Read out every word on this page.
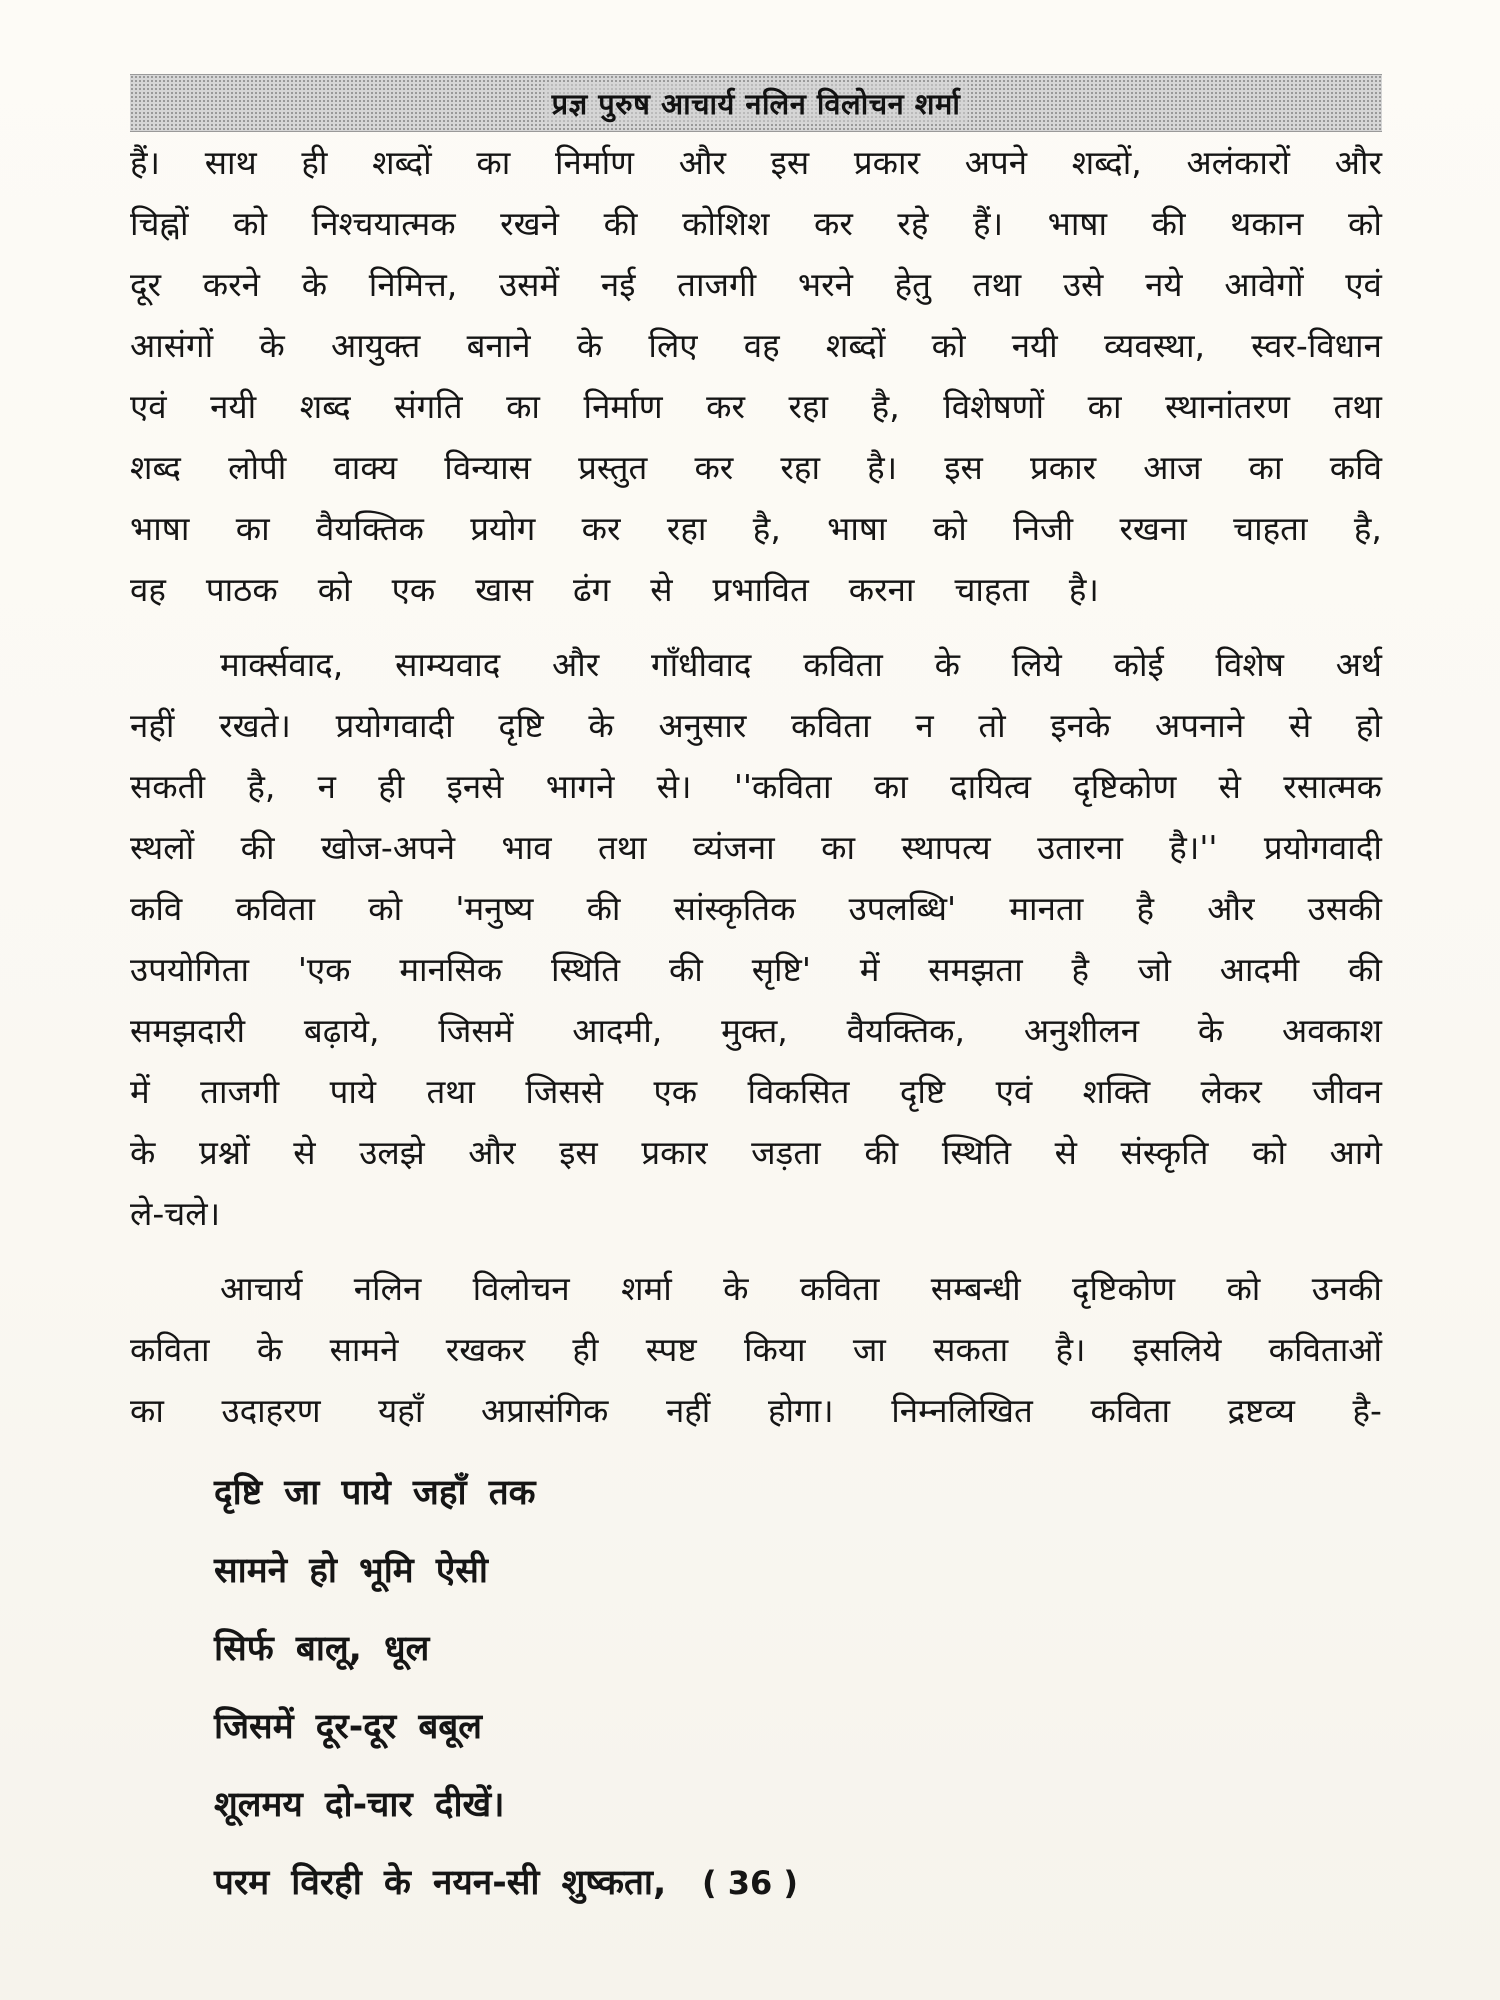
प्रज्ञ पुरुष आचार्य नलिन विलोचन शर्मा
हैं। साथ ही शब्दों का निर्माण और इस प्रकार अपने शब्दों, अलंकारों और
चिह्नों को निश्चयात्मक रखने की कोशिश कर रहे हैं। भाषा की थकान को
दूर करने के निमित्त, उसमें नई ताजगी भरने हेतु तथा उसे नये आवेगों एवं
आसंगों के आयुक्त बनाने के लिए वह शब्दों को नयी व्यवस्था, स्वर-विधान
एवं नयी शब्द संगति का निर्माण कर रहा है, विशेषणों का स्थानांतरण तथा
शब्द लोपी वाक्य विन्यास प्रस्तुत कर रहा है। इस प्रकार आज का कवि
भाषा का वैयक्तिक प्रयोग कर रहा है, भाषा को निजी रखना चाहता है,
वह पाठक को एक खास ढंग से प्रभावित करना चाहता है।
मार्क्सवाद, साम्यवाद और गाँधीवाद कविता के लिये कोई विशेष अर्थ
नहीं रखते। प्रयोगवादी दृष्टि के अनुसार कविता न तो इनके अपनाने से हो
सकती है, न ही इनसे भागने से। ''कविता का दायित्व दृष्टिकोण से रसात्मक
स्थलों की खोज-अपने भाव तथा व्यंजना का स्थापत्य उतारना है।'' प्रयोगवादी
कवि कविता को 'मनुष्य की सांस्कृतिक उपलब्धि' मानता है और उसकी
उपयोगिता 'एक मानसिक स्थिति की सृष्टि' में समझता है जो आदमी की
समझदारी बढ़ाये, जिसमें आदमी, मुक्त, वैयक्तिक, अनुशीलन के अवकाश
में ताजगी पाये तथा जिससे एक विकसित दृष्टि एवं शक्ति लेकर जीवन
के प्रश्नों से उलझे और इस प्रकार जड़ता की स्थिति से संस्कृति को आगे
ले-चले।
आचार्य नलिन विलोचन शर्मा के कविता सम्बन्धी दृष्टिकोण को उनकी
कविता के सामने रखकर ही स्पष्ट किया जा सकता है। इसलिये कविताओं
का उदाहरण यहाँ अप्रासंगिक नहीं होगा। निम्नलिखित कविता द्रष्टव्य है-
दृष्टि जा पाये जहाँ तक
सामने हो भूमि ऐसी
सिर्फ बालू, धूल
जिसमें दूर-दूर बबूल
शूलमय दो-चार दीखें।
परम विरही के नयन-सी शुष्कता,	( 36 )
